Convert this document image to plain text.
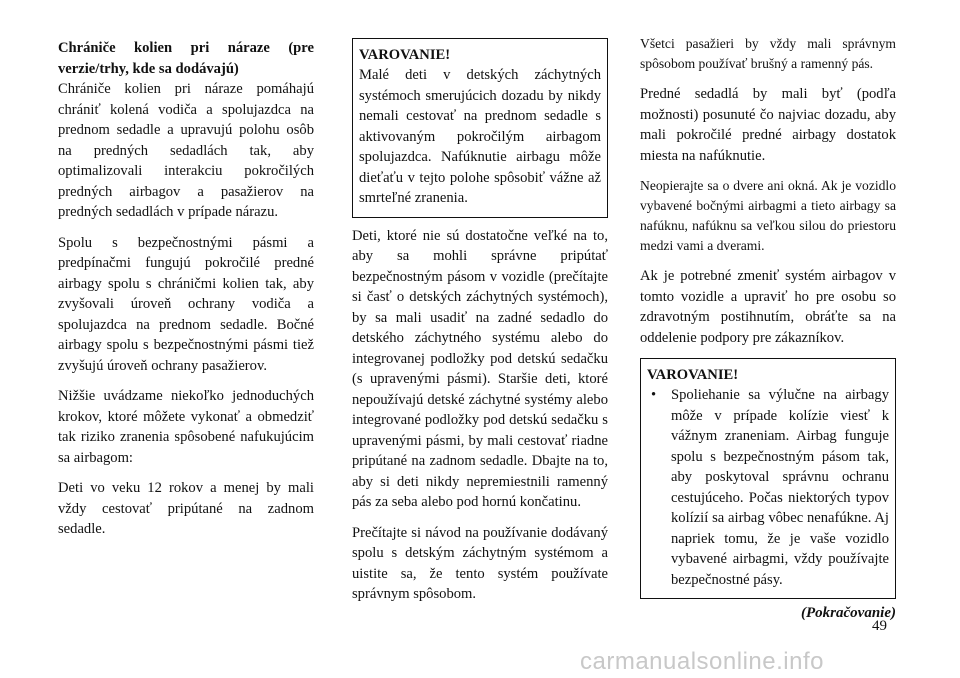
Chrániče kolien pri náraze (pre verzie/trhy, kde sa dodávajú)

Chrániče kolien pri náraze pomáhajú chrániť kolená vodiča a spolujazdca na prednom sedadle a upravujú polohu osôb na predných sedadlách tak, aby optimalizovali interakciu pokročilých predných airbagov a pasažierov na predných sedadlách v prípade nárazu.

Spolu s bezpečnostnými pásmi a predpínačmi fungujú pokročilé predné airbagy spolu s chráničmi kolien tak, aby zvyšovali úroveň ochrany vodiča a spolujazdca na prednom sedadle. Bočné airbagy spolu s bezpečnostnými pásmi tiež zvyšujú úroveň ochrany pasažierov.

Nižšie uvádzame niekoľko jednoduchých krokov, ktoré môžete vykonať a obmedziť tak riziko zranenia spôsobené nafukujúcim sa airbagom:

Deti vo veku 12 rokov a menej by mali vždy cestovať pripútané na zadnom sedadle.

VAROVANIE!

Malé deti v detských záchytných systémoch smerujúcich dozadu by nikdy nemali cestovať na prednom sedadle s aktivovaným pokročilým airbagom spolujazdca. Nafúknutie airbagu môže dieťaťu v tejto polohe spôsobiť vážne až smrteľné zranenia.

Deti, ktoré nie sú dostatočne veľké na to, aby sa mohli správne pripútať bezpečnostným pásom v vozidle (prečítajte si časť o detských záchytných systémoch), by sa mali usadiť na zadné sedadlo do detského záchytného systému alebo do integrovanej podložky pod detskú sedačku (s upravenými pásmi). Staršie deti, ktoré nepoužívajú detské záchytné systémy alebo integrované podložky pod detskú sedačku s upravenými pásmi, by mali cestovať riadne pripútané na zadnom sedadle. Dbajte na to, aby si deti nikdy nepremiestnili ramenný pás za seba alebo pod hornú končatinu.

Prečítajte si návod na používanie dodávaný spolu s detským záchytným systémom a uistite sa, že tento systém používate správnym spôsobom.

Všetci pasažieri by vždy mali správnym spôsobom používať brušný a ramenný pás.

Predné sedadlá by mali byť (podľa možnosti) posunuté čo najviac dozadu, aby mali pokročilé predné airbagy dostatok miesta na nafúknutie.

Neopierajte sa o dvere ani okná. Ak je vozidlo vybavené bočnými airbagmi a tieto airbagy sa nafúknu, nafúknu sa veľkou silou do priestoru medzi vami a dverami.

Ak je potrebné zmeniť systém airbagov v tomto vozidle a upraviť ho pre osobu so zdravotným postihnutím, obráťte sa na oddelenie podpory pre zákazníkov.

VAROVANIE!

• Spoliehanie sa výlučne na airbagy môže v prípade kolízie viesť k vážnym zraneniam. Airbag funguje spolu s bezpečnostným pásom tak, aby poskytoval správnu ochranu cestujúceho. Počas niektorých typov kolízií sa airbag vôbec nenafúkne. Aj napriek tomu, že je vaše vozidlo vybavené airbagmi, vždy používajte bezpečnostné pásy.
(Pokračovanie)
49
carmanualsonline.info
